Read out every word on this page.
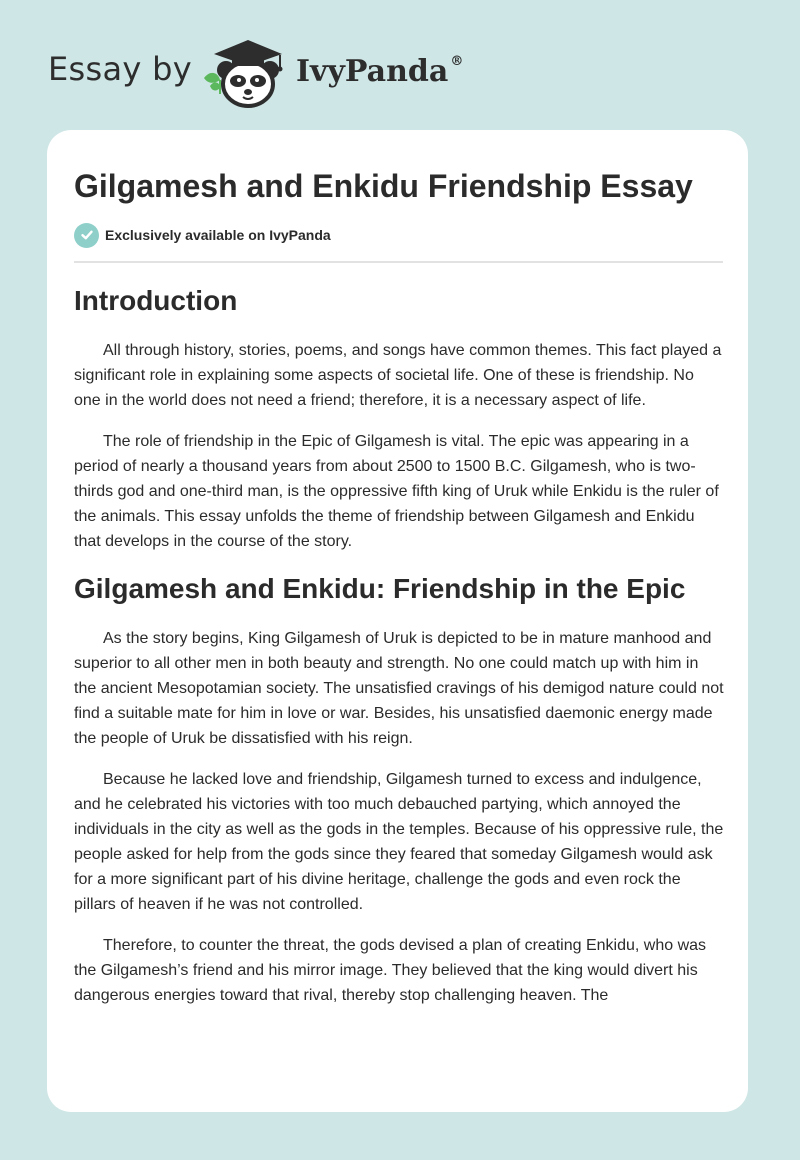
Essay by	IvyPanda ®
Gilgamesh and Enkidu Friendship Essay
Exclusively available on IvyPanda
Introduction

All through history, stories, poems, and songs have common themes. This fact played a significant role in explaining some aspects of societal life. One of these is friendship. No one in the world does not need a friend; therefore, it is a necessary aspect of life.

The role of friendship in the Epic of Gilgamesh is vital. The epic was appearing in a period of nearly a thousand years from about 2500 to 1500 B.C. Gilgamesh, who is two-thirds god and one-third man, is the oppressive fifth king of Uruk while Enkidu is the ruler of the animals. This essay unfolds the theme of friendship between Gilgamesh and Enkidu that develops in the course of the story.

Gilgamesh and Enkidu: Friendship in the Epic

As the story begins, King Gilgamesh of Uruk is depicted to be in mature manhood and superior to all other men in both beauty and strength. No one could match up with him in the ancient Mesopotamian society. The unsatisfied cravings of his demigod nature could not find a suitable mate for him in love or war. Besides, his unsatisfied daemonic energy made the people of Uruk be dissatisfied with his reign.

Because he lacked love and friendship, Gilgamesh turned to excess and indulgence, and he celebrated his victories with too much debauched partying, which annoyed the individuals in the city as well as the gods in the temples. Because of his oppressive rule, the people asked for help from the gods since they feared that someday Gilgamesh would ask for a more significant part of his divine heritage, challenge the gods and even rock the pillars of heaven if he was not controlled.

Therefore, to counter the threat, the gods devised a plan of creating Enkidu, who was the Gilgamesh’s friend and his mirror image. They believed that the king would divert his dangerous energies toward that rival, thereby stop challenging heaven. The
